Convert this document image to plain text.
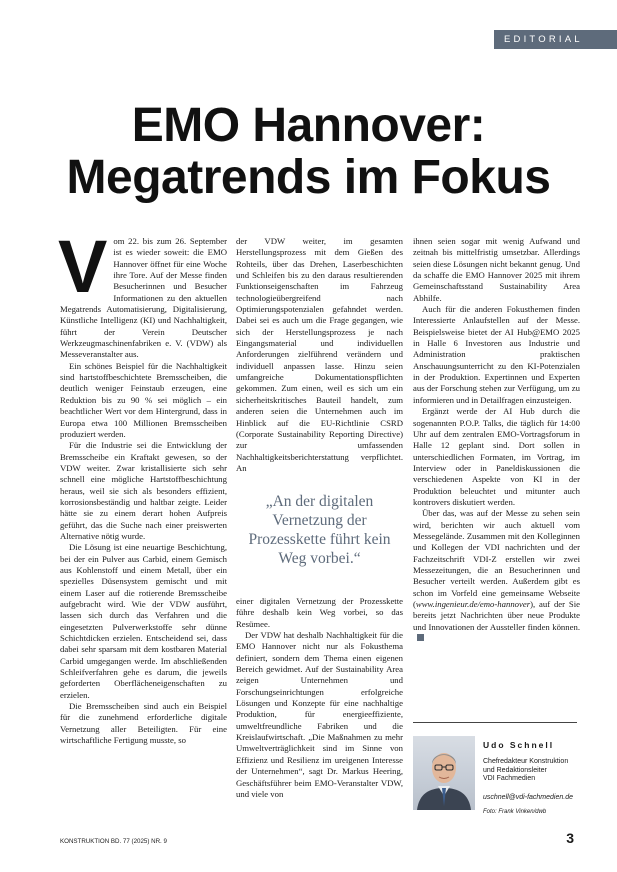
EDITORIAL
EMO Hannover:
Megatrends im Fokus

Vom 22. bis zum 26. September ist es wieder soweit: die EMO Hannover öffnet für eine Woche ihre Tore. Auf der Messe finden Besucherinnen und Besucher Informationen zu den aktuellen Megatrends Automatisierung, Digitalisierung, Künstliche Intelligenz (KI) und Nachhaltigkeit, führt der Verein Deutscher Werkzeugmaschinenfabriken e. V. (VDW) als Messeveranstalter aus.

Ein schönes Beispiel für die Nachhaltigkeit sind hartstoffbeschichtete Bremsscheiben, die deutlich weniger Feinstaub erzeugen, eine Reduktion bis zu 90 % sei möglich – ein beachtlicher Wert vor dem Hintergrund, dass in Europa etwa 100 Millionen Bremsscheiben produziert werden.

Für die Industrie sei die Entwicklung der Bremsscheibe ein Kraftakt gewesen, so der VDW weiter. Zwar kristallisierte sich sehr schnell eine mögliche Hartstoffbeschichtung heraus, weil sie sich als besonders effizient, korrosionsbeständig und haltbar zeigte. Leider hätte sie zu einem derart hohen Aufpreis geführt, das die Suche nach einer preiswerten Alternative nötig wurde.

Die Lösung ist eine neuartige Beschichtung, bei der ein Pulver aus Carbid, einem Gemisch aus Kohlenstoff und einem Metall, über ein spezielles Düsensystem gemischt und mit einem Laser auf die rotierende Bremsscheibe aufgebracht wird. Wie der VDW ausführt, lassen sich durch das Verfahren und die eingesetzten Pulverwerkstoffe sehr dünne Schichtdicken erzielen. Entscheidend sei, dass dabei sehr sparsam mit dem kostbaren Material Carbid umgegangen werde. Im abschließenden Schleifverfahren gehe es darum, die jeweils geforderten Oberflächeneigenschaften zu erzielen.

Die Bremsscheiben sind auch ein Beispiel für die zunehmend erforderliche digitale Vernetzung aller Beteiligten. Für eine wirtschaftliche Fertigung musste, so

der VDW weiter, im gesamten Herstellungsprozess mit dem Gießen des Rohteils, über das Drehen, Laserbeschichten und Schleifen bis zu den daraus resultierenden Funktionseigenschaften im Fahrzeug technologieübergreifend nach Optimierungspotenzialen gefahndet werden. Dabei sei es auch um die Frage gegangen, wie sich der Herstellungsprozess je nach Eingangsmaterial und individuellen Anforderungen zielführend verändern und individuell anpassen lasse. Hinzu seien umfangreiche Dokumentationspflichten gekommen. Zum einen, weil es sich um ein sicherheitskritisches Bauteil handelt, zum anderen seien die Unternehmen auch im Hinblick auf die EU-Richtlinie CSRD (Corporate Sustainability Reporting Directive) zur umfassenden Nachhaltigkeitsberichterstattung verpflichtet. An

„An der digitalen Vernetzung der Prozesskette führt kein Weg vorbei.“

einer digitalen Vernetzung der Prozesskette führe deshalb kein Weg vorbei, so das Resümee.

Der VDW hat deshalb Nachhaltigkeit für die EMO Hannover nicht nur als Fokusthema definiert, sondern dem Thema einen eigenen Bereich gewidmet. Auf der Sustainability Area zeigen Unternehmen und Forschungseinrichtungen erfolgreiche Lösungen und Konzepte für eine nachhaltige Produktion, für energieeffiziente, umweltfreundliche Fabriken und die Kreislaufwirtschaft. „Die Maßnahmen zu mehr Umweltverträglichkeit sind im Sinne von Effizienz und Resilienz im ureigenen Interesse der Unternehmen“, sagt Dr. Markus Heering, Geschäftsführer beim EMO-Veranstalter VDW, und viele von

ihnen seien sogar mit wenig Aufwand und zeitnah bis mittelfristig umsetzbar. Allerdings seien diese Lösungen nicht bekannt genug. Und da schaffe die EMO Hannover 2025 mit ihrem Gemeinschaftsstand Sustainability Area Abhilfe.

Auch für die anderen Fokusthemen finden Interessierte Anlaufstellen auf der Messe. Beispielsweise bietet der AI Hub@EMO 2025 in Halle 6 Investoren aus Industrie und Administration praktischen Anschauungsunterricht zu den KI-Potenzialen in der Produktion. Expertinnen und Experten aus der Forschung stehen zur Verfügung, um zu informieren und in Detailfragen einzusteigen.

Ergänzt werde der AI Hub durch die sogenannten P.O.P. Talks, die täglich für 14:00 Uhr auf dem zentralen EMO-Vortragsforum in Halle 12 geplant sind. Dort sollen in unterschiedlichen Formaten, im Vortrag, im Interview oder in Paneldiskussionen die verschiedenen Aspekte von KI in der Produktion beleuchtet und mitunter auch kontrovers diskutiert werden.

Über das, was auf der Messe zu sehen sein wird, berichten wir auch aktuell vom Messegelände. Zusammen mit den Kolleginnen und Kollegen der VDI nachrichten und der Fachzeitschrift VDI-Z erstellen wir zwei Messezeitungen, die an Besucherinnen und Besucher verteilt werden. Außerdem gibt es schon im Vorfeld eine gemeinsame Webseite (www.ingenieur.de/emo-hannover), auf der Sie bereits jetzt Nachrichten über neue Produkte und Innovationen der Aussteller finden können.

Udo Schnell
Chefredakteur Konstruktion
und Redaktionsleiter
VDI Fachmedien
uschnell@vdi-fachmedien.de
Foto: Frank Vinken/dwb
KONSTRUKTION BD. 77 (2025) NR. 9	3
